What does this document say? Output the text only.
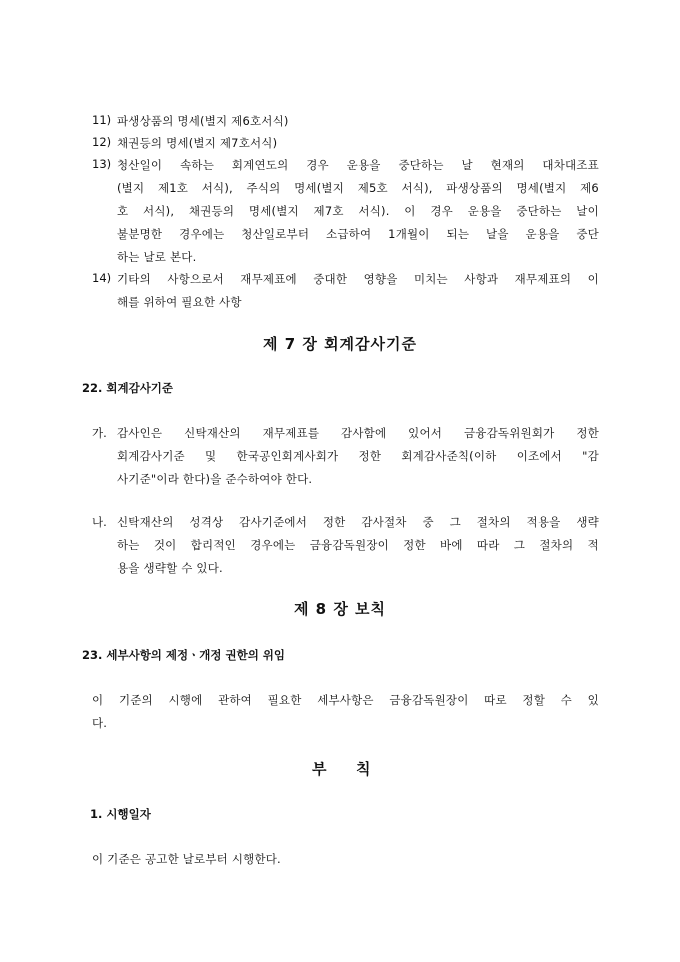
11) 파생상품의 명세(별지 제6호서식)
12) 채권등의 명세(별지 제7호서식)
13) 청산일이 속하는 회계연도의 경우 운용을 중단하는 날 현재의 대차대조표
(별지 제1호 서식), 주식의 명세(별지 제5호 서식), 파생상품의 명세(별지 제6
호 서식), 채권등의 명세(별지 제7호 서식). 이 경우 운용을 중단하는 날이
불분명한 경우에는 청산일로부터 소급하여 1개월이 되는 날을 운용을 중단
하는 날로 본다.
14) 기타의 사항으로서 재무제표에 중대한 영향을 미치는 사항과 재무제표의 이
해를 위하여 필요한 사항
제 7 장 회계감사기준
22. 회계감사기준
가. 감사인은 신탁재산의 재무제표를 감사함에 있어서 금융감독위원회가 정한
회계감사기준 및 한국공인회계사회가 정한 회계감사준칙(이하 이조에서 "감
사기준"이라 한다)을 준수하여야 한다.
나. 신탁재산의 성격상 감사기준에서 정한 감사절차 중 그 절차의 적용을 생략
하는 것이 합리적인 경우에는 금융감독원장이 정한 바에 따라 그 절차의 적
용을 생략할 수 있다.
제 8 장 보칙
23. 세부사항의 제정ㆍ개정 권한의 위임
이 기준의 시행에 관하여 필요한 세부사항은 금융감독원장이 따로 정할 수 있
다.
부 칙
1. 시행일자
이 기준은 공고한 날로부터 시행한다.
